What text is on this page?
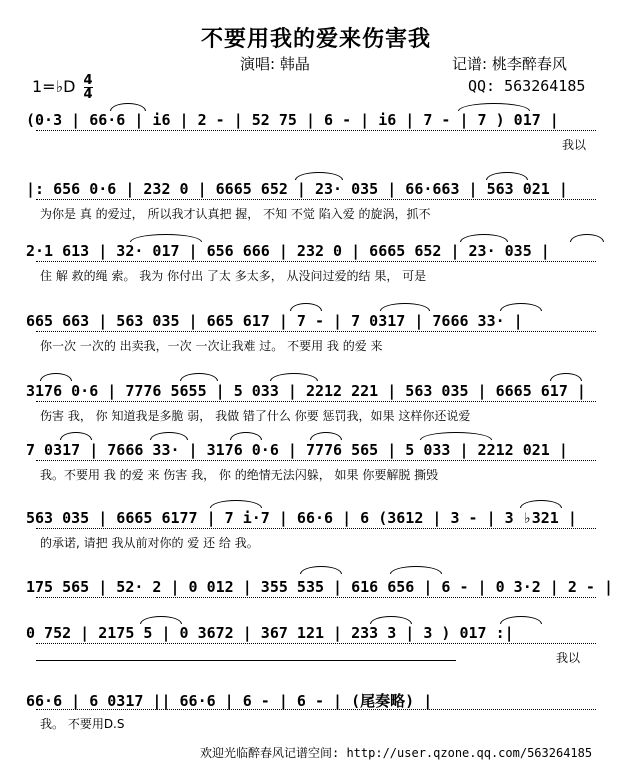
不要用我的爱来伤害我
演唱: 韩晶	记谱: 桃李醉春风
QQ: 563264185
1=♭D $\frac{4}{4}$
(0·3 | 66·6 | i6 | 2 - | 52 75 | 6 - | i6 | 7 - | 7 ) 017 |
我以
|: 656 0·6 | 232 0 | 6665 652 | 23· 035 | 66·663 | 563 021 |
为你是 真 的爱过， 所以我才认真把 握， 不知 不觉 陷入爱 的旋涡，抓不
2·1 613 | 32· 017 | 656 666 | 232 0 | 6665 652 | 23· 035 |
住 解 救的绳 索。 我为 你付出 了太 多太多， 从没问过爱的结 果， 可是
665 663 | 563 035 | 665 617 | 7 - | 7 0317 | 7666 33· |
你一次 一次的 出卖我，一次 一次让我难 过。 不要用 我 的爱 来
3176 0·6 | 7776 5655 | 5 033 | 2212 221 | 563 035 | 6665 617 |
伤害 我， 你 知道我是多脆 弱， 我做 错了什么 你要 惩罚我，如果 这样你还说爱
7 0317 | 7666 33· | 3176 0·6 | 7776 565 | 5 033 | 2212 021 |
我。不要用 我 的爱 来 伤害 我， 你 的绝情无法闪躲， 如果 你要解脱 撕毁
563 035 | 6665 6177 | 7 i·7 | 66·6 | 6 (3612 | 3 - | 3 ♭321 |
的承诺, 请把 我从前对你的 爱 还 给 我。
175 565 | 52· 2 | 0 012 | 355 535 | 616 656 | 6 - | 0 3·2 | 2 - |
0 752 | 2175 5 | 0 3672 | 367 121 | 233 3 | 3 ) 017 :|
我以
66·6 | 6 0317 || 66·6 | 6 - | 6 - | (尾奏略) |
我。 不要用D.S
欢迎光临醉春风记谱空间: http://user.qzone.qq.com/563264185
